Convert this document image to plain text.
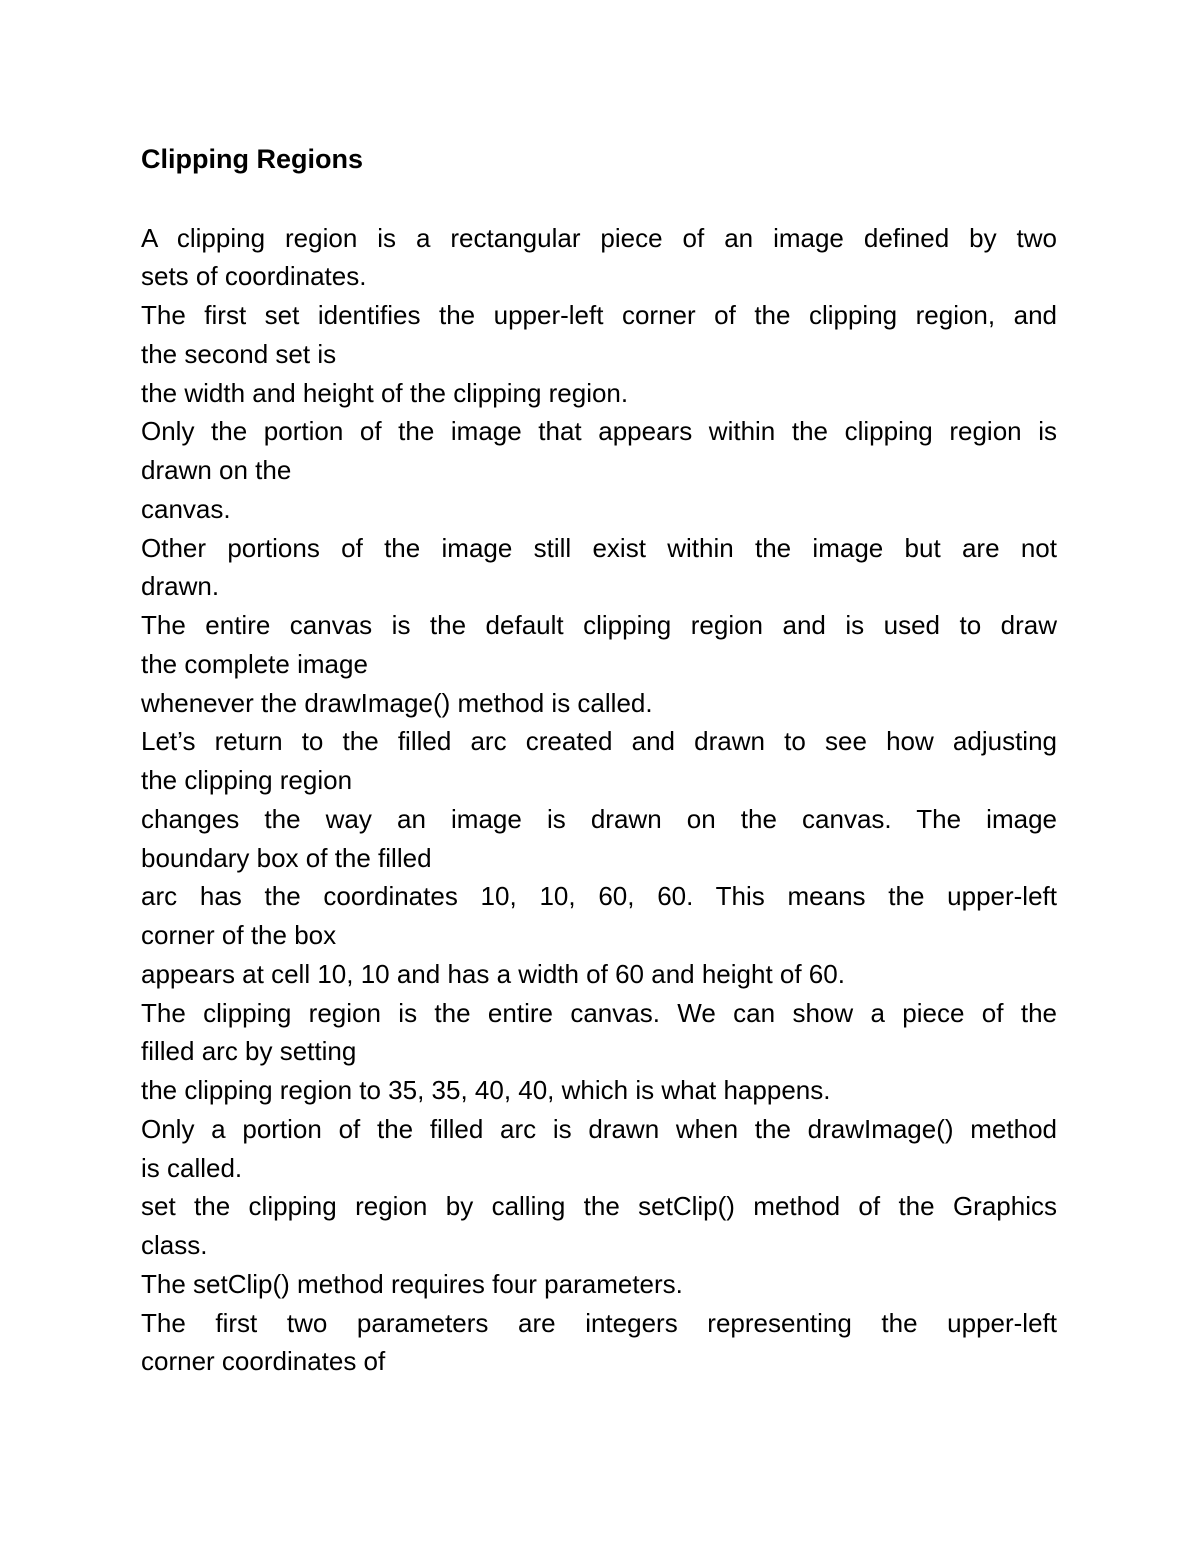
Clipping Regions
A clipping region is a rectangular piece of an image defined by two
sets of coordinates.
The first set identifies the upper-left corner of the clipping region, and
the second set is
the width and height of the clipping region.
Only the portion of the image that appears within the clipping region is
drawn on the
canvas.
Other portions of the image still exist within the image but are not
drawn.
The entire canvas is the default clipping region and is used to draw
the complete image
whenever the drawImage() method is called.
Let’s return to the filled arc created and drawn to see how adjusting
the clipping region
changes the way an image is drawn on the canvas. The image
boundary box of the filled
arc has the coordinates 10, 10, 60, 60. This means the upper-left
corner of the box
appears at cell 10, 10 and has a width of 60 and height of 60.
The clipping region is the entire canvas. We can show a piece of the
filled arc by setting
the clipping region to 35, 35, 40, 40, which is what happens.
Only a portion of the filled arc is drawn when the drawImage() method
is called.
set the clipping region by calling the setClip() method of the Graphics
class.
The setClip() method requires four parameters.
The first two parameters are integers representing the upper-left
corner coordinates of
